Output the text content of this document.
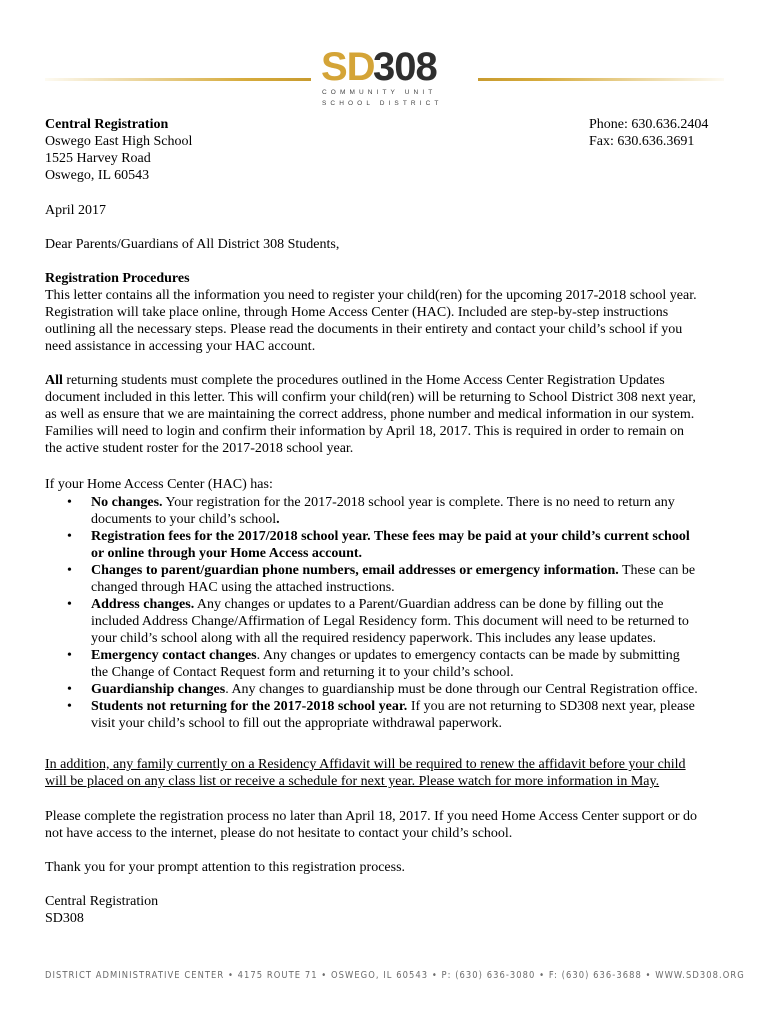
SD
308
COMMUNITY UNIT
SCHOOL DISTRICT
Central Registration
Oswego East High School
1525 Harvey Road
Oswego, IL 60543
Phone: 630.636.2404
Fax: 630.636.3691
April 2017
Dear Parents/Guardians of All District 308 Students,

Registration Procedures

This letter contains all the information you need to register your child(ren) for the upcoming 2017-2018 school year.

Registration will take place online, through Home Access Center (HAC). Included are step-by-step instructions

outlining all the necessary steps. Please read the documents in their entirety and contact your child’s school if you

need assistance in accessing your HAC account.

All returning students must complete the procedures outlined in the Home Access Center Registration Updates

document included in this letter. This will confirm your child(ren) will be returning to School District 308 next year,

as well as ensure that we are maintaining the correct address, phone number and medical information in our system.

Families will need to login and confirm their information by April 18, 2017. This is required in order to remain on

the active student roster for the 2017-2018 school year.

If your Home Access Center (HAC) has:
• No changes. Your registration for the 2017-2018 school year is complete. There is no need to return any
documents to your child’s school.
• Registration fees for the 2017/2018 school year. These fees may be paid at your child’s current school
or online through your Home Access account.
• Changes to parent/guardian phone numbers, email addresses or emergency information. These can be
changed through HAC using the attached instructions.
• Address changes. Any changes or updates to a Parent/Guardian address can be done by filling out the
included Address Change/Affirmation of Legal Residency form. This document will need to be returned to
your child’s school along with all the required residency paperwork. This includes any lease updates.
• Emergency contact changes. Any changes or updates to emergency contacts can be made by submitting
the Change of Contact Request form and returning it to your child’s school.
• Guardianship changes. Any changes to guardianship must be done through our Central Registration office.
• Students not returning for the 2017-2018 school year. If you are not returning to SD308 next year, please
visit your child’s school to fill out the appropriate withdrawal paperwork.

In addition, any family currently on a Residency Affidavit will be required to renew the affidavit before your child

will be placed on any class list or receive a schedule for next year. Please watch for more information in May.

Please complete the registration process no later than April 18, 2017. If you need Home Access Center support or do

not have access to the internet, please do not hesitate to contact your child’s school.

Thank you for your prompt attention to this registration process.
Central Registration
SD308
DISTRICT ADMINISTRATIVE CENTER • 4175 ROUTE 71 • OSWEGO, IL 60543 • P: (630) 636-3080 • F: (630) 636-3688 • WWW.SD308.ORG
